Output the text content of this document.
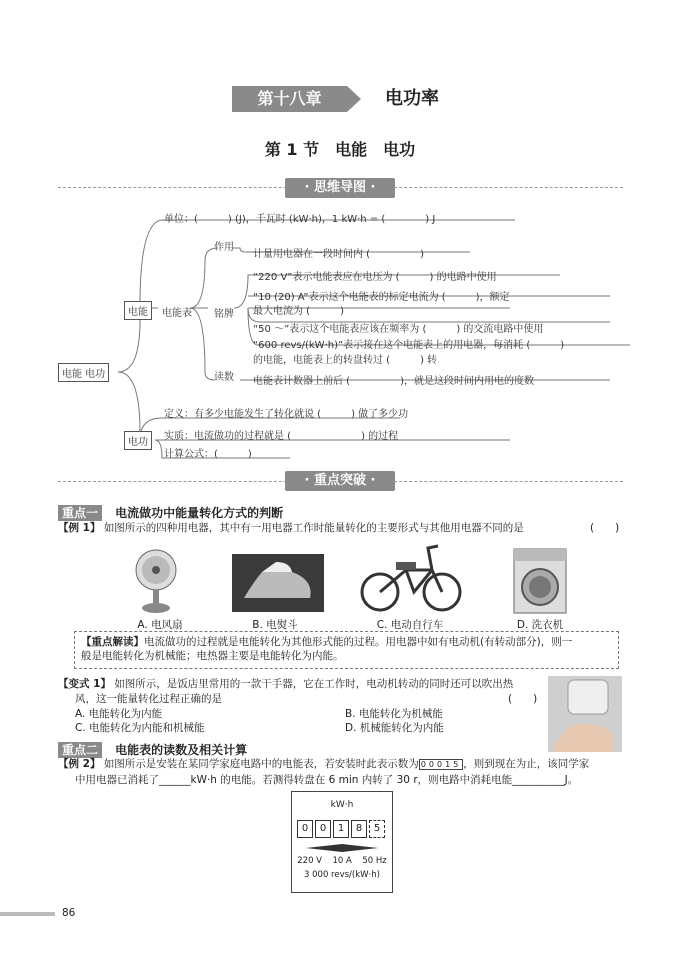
第十八章	电功率
第 1 节　电能　电功
· 思维导图 ·
电能 电功
电能	电能表
电功
单位：(　　　) (J)，千瓦时 (kW·h)，1 kW·h = (　　　　) J
作用
计量用电器在一段时间内 (　　　　　)
铭牌
“220 V”表示电能表应在电压为 (　　　) 的电路中使用
“10 (20) A”表示这个电能表的标定电流为 (　　　)，额定
最大电流为 (　　　)
“50 ～”表示这个电能表应该在频率为 (　　　) 的交流电路中使用
“600 revs/(kW·h)”表示接在这个电能表上的用电器，每消耗 (　　　)
的电能，电能表上的转盘转过 (　　　) 转
读数 电能表计数器上前后 (　　　　　)，就是这段时间内用电的度数
定义：有多少电能发生了转化就说 (　　　) 做了多少功
实质：电流做功的过程就是 (　　　　　　　) 的过程
计算公式：(　　　)
· 重点突破 ·
重点一 电流做功中能量转化方式的判断
【例 1】 如图所示的四种用电器，其中有一用电器工作时能量转化的主要形式与其他用电器不同的是	(　　)
A. 电风扇	B. 电熨斗	C. 电动自行车	D. 洗衣机
【重点解读】电流做功的过程就是电能转化为其他形式能的过程。用电器中如有电动机(有转动部分)，则一
般是电能转化为机械能；电热器主要是电能转化为内能。
【变式 1】 如图所示，是饭店里常用的一款干手器，它在工作时，电动机转动的同时还可以吹出热
风，这一能量转化过程正确的是	(　　)
A. 电能转化为内能	B. 电能转化为机械能
C. 电能转化为内能和机械能	D. 机械能转化为内能
重点二 电能表的读数及相关计算
【例 2】 如图所示是安装在某同学家庭电路中的电能表，若安装时此表示数为 00015 ，则到现在为止，该同学家
中用电器已消耗了______kW·h 的电能。若测得转盘在 6 min 内转了 30 r，则电路中消耗电能__________J。
kW·h
0 0 1 8 5
220 V 10 A 50 Hz
3 000 revs/(kW·h)
86
